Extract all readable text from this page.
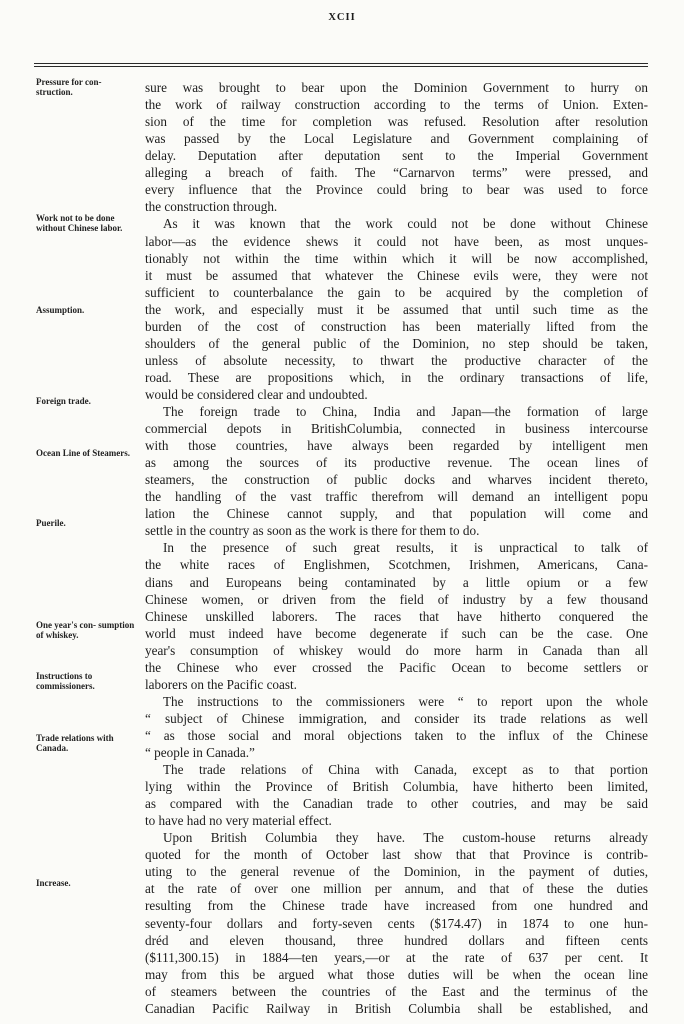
XCII
Pressure for con- struction.
Work not to be done without Chinese labor.
Assumption.
Foreign trade.
Ocean Line of Steamers.
Puerile.
One year's con- sumption of whiskey.
Instructions to commissioners.
Trade relations with Canada.
Increase.
sure was brought to bear upon the Dominion Government to hurry on
the work of railway construction according to the terms of Union. Exten-
sion of the time for completion was refused. Resolution after resolution
was passed by the Local Legislature and Government complaining of
delay. Deputation after deputation sent to the Imperial Government
alleging a breach of faith. The “Carnarvon terms” were pressed, and
every influence that the Province could bring to bear was used to force
the construction through.
As it was known that the work could not be done without Chinese
labor—as the evidence shews it could not have been, as most unques-
tionably not within the time within which it will be now accomplished,
it must be assumed that whatever the Chinese evils were, they were not
sufficient to counterbalance the gain to be acquired by the completion of
the work, and especially must it be assumed that until such time as the
burden of the cost of construction has been materially lifted from the
shoulders of the general public of the Dominion, no step should be taken,
unless of absolute necessity, to thwart the productive character of the
road. These are propositions which, in the ordinary transactions of life,
would be considered clear and undoubted.
The foreign trade to China, India and Japan—the formation of large
commercial depots in BritishColumbia, connected in business intercourse
with those countries, have always been regarded by intelligent men
as among the sources of its productive revenue. The ocean lines of
steamers, the construction of public docks and wharves incident thereto,
the handling of the vast traffic therefrom will demand an intelligent popu
lation the Chinese cannot supply, and that population will come and
settle in the country as soon as the work is there for them to do.
In the presence of such great results, it is unpractical to talk of
the white races of Englishmen, Scotchmen, Irishmen, Americans, Cana-
dians and Europeans being contaminated by a little opium or a few
Chinese women, or driven from the field of industry by a few thousand
Chinese unskilled laborers. The races that have hitherto conquered the
world must indeed have become degenerate if such can be the case. One
year's consumption of whiskey would do more harm in Canada than all
the Chinese who ever crossed the Pacific Ocean to become settlers or
laborers on the Pacific coast.
The instructions to the commissioners were “ to report upon the whole
“ subject of Chinese immigration, and consider its trade relations as well
“ as those social and moral objections taken to the influx of the Chinese
“ people in Canada.”
The trade relations of China with Canada, except as to that portion
lying within the Province of British Columbia, have hitherto been limited,
as compared with the Canadian trade to other coutries, and may be said
to have had no very material effect.
Upon British Columbia they have. The custom-house returns already
quoted for the month of October last show that that Province is contrib-
uting to the general revenue of the Dominion, in the payment of duties,
at the rate of over one million per annum, and that of these the duties
resulting from the Chinese trade have increased from one hundred and
seventy-four dollars and forty-seven cents ($174.47) in 1874 to one hun-
dréd and eleven thousand, three hundred dollars and fifteen cents
($111,300.15) in 1884—ten years,—or at the rate of 637 per cent. It
may from this be argued what those duties will be when the ocean line
of steamers between the countries of the East and the terminus of the
Canadian Pacific Railway in British Columbia shall be established, and
